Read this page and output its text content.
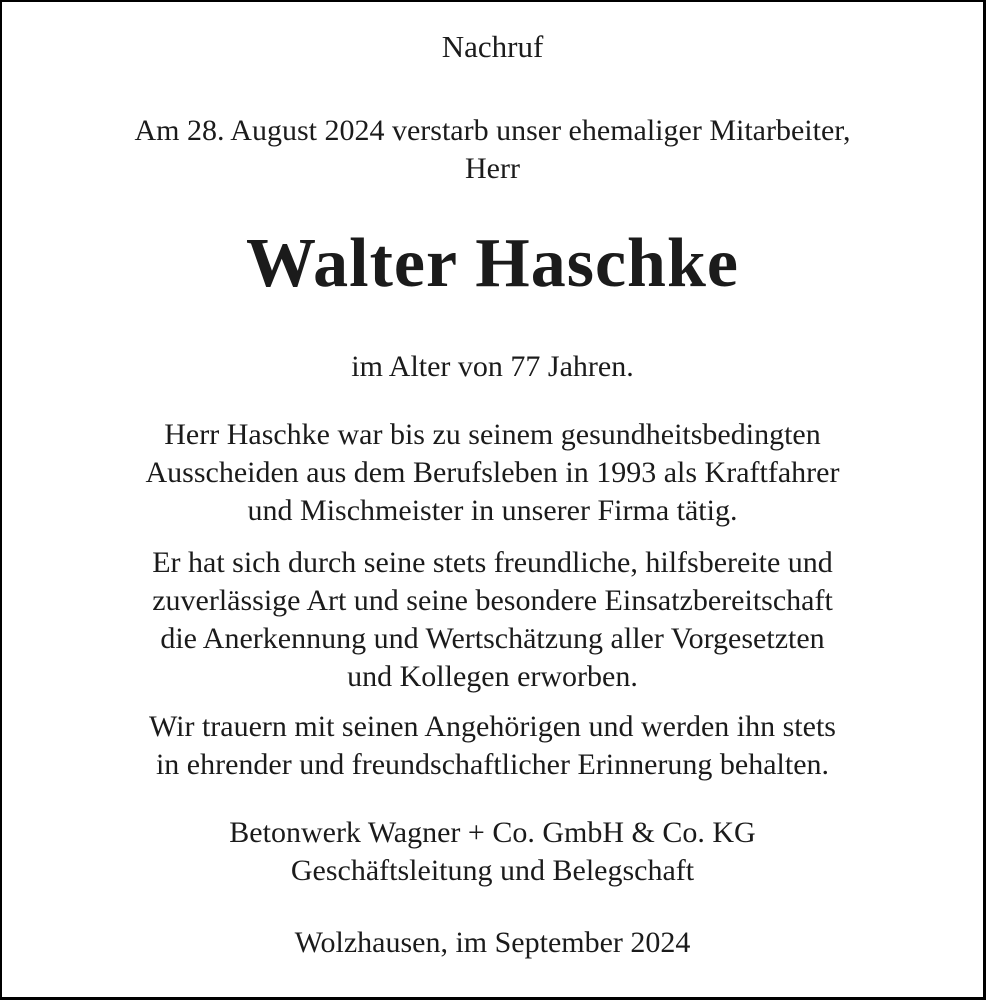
Nachruf
Am 28. August 2024 verstarb unser ehemaliger Mitarbeiter,
Herr
Walter Haschke
im Alter von 77 Jahren.
Herr Haschke war bis zu seinem gesundheitsbedingten
Ausscheiden aus dem Berufsleben in 1993 als Kraftfahrer
und Mischmeister in unserer Firma tätig.
Er hat sich durch seine stets freundliche, hilfsbereite und
zuverlässige Art und seine besondere Einsatzbereitschaft
die Anerkennung und Wertschätzung aller Vorgesetzten
und Kollegen erworben.
Wir trauern mit seinen Angehörigen und werden ihn stets
in ehrender und freundschaftlicher Erinnerung behalten.
Betonwerk Wagner + Co. GmbH & Co. KG
Geschäftsleitung und Belegschaft
Wolzhausen, im September 2024
